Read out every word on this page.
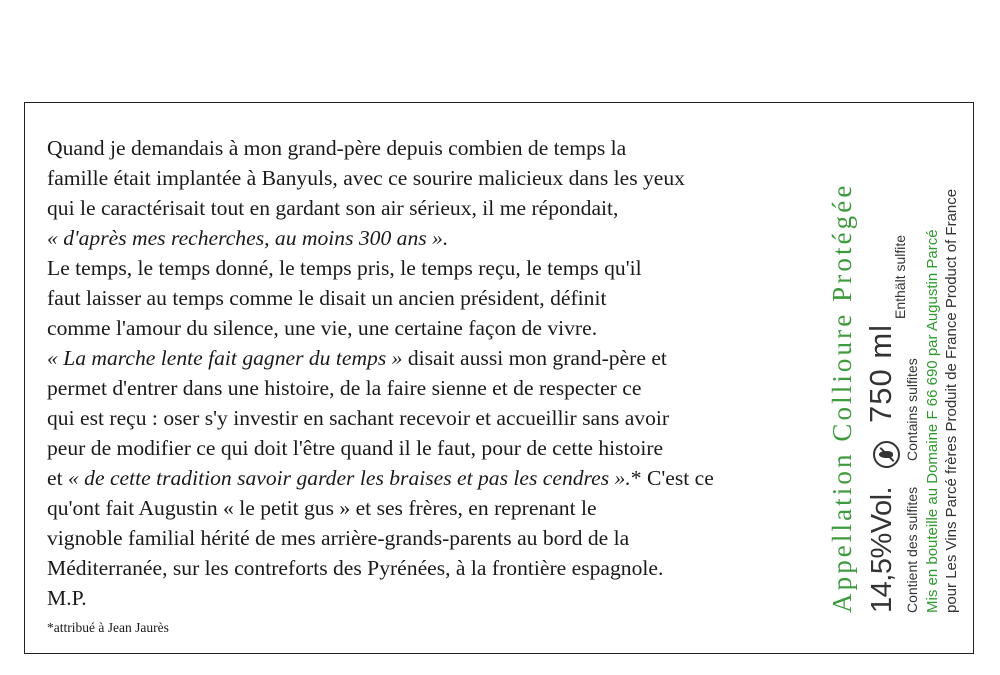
Quand je demandais à mon grand-père depuis combien de temps la
famille était implantée à Banyuls, avec ce sourire malicieux dans les yeux
qui le caractérisait tout en gardant son air sérieux, il me répondait,
« d'après mes recherches, au moins 300 ans ».
Le temps, le temps donné, le temps pris, le temps reçu, le temps qu'il
faut laisser au temps comme le disait un ancien président, définit
comme l'amour du silence, une vie, une certaine façon de vivre.
« La marche lente fait gagner du temps » disait aussi mon grand-père et
permet d'entrer dans une histoire, de la faire sienne et de respecter ce
qui est reçu : oser s'y investir en sachant recevoir et accueillir sans avoir
peur de modifier ce qui doit l'être quand il le faut, pour de cette histoire
et « de cette tradition savoir garder les braises et pas les cendres ».* C'est ce
qu'ont fait Augustin « le petit gus » et ses frères, en reprenant le
vignoble familial hérité de mes arrière-grands-parents au bord de la
Méditerranée, sur les contreforts des Pyrénées, à la frontière espagnole.
M.P.
*attribué à Jean Jaurès
Appellation Collioure Protégée 14,5%Vol.  750 ml
Contient des sulfites
Contains sulfites
Enthält sulfite Mis en bouteille au Domaine F 66 690 par Augustin Parcé pour Les Vins Parcé frères Produit de France Product of France
